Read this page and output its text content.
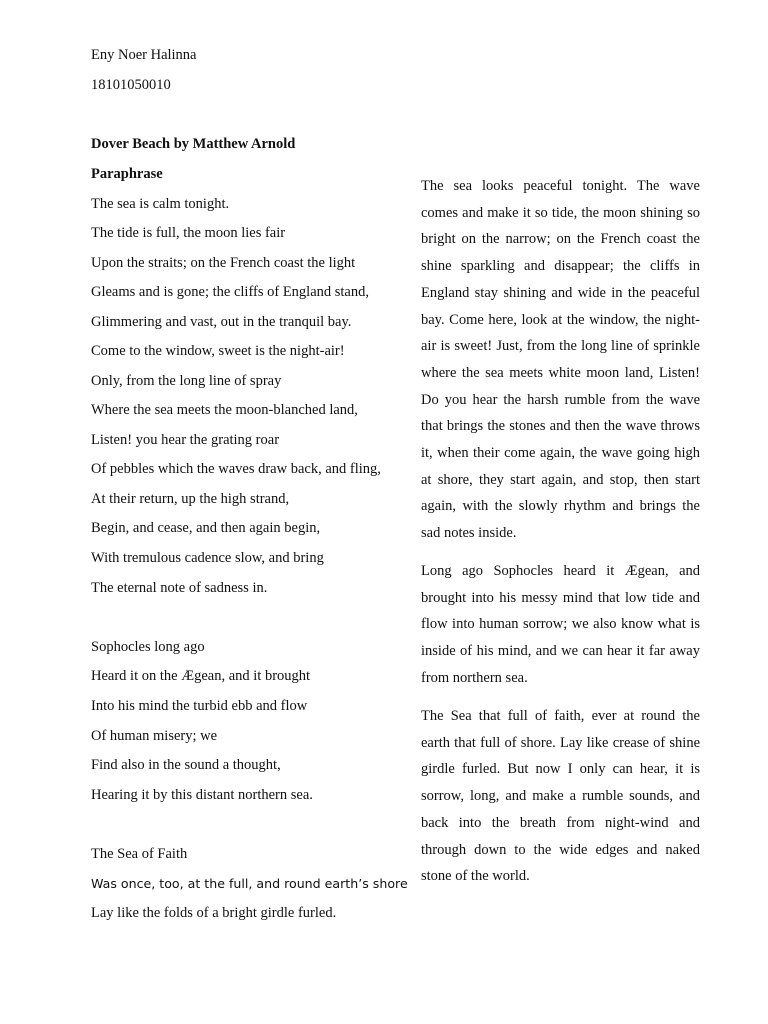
Eny Noer Halinna
18101050010
Dover Beach by Matthew Arnold
Paraphrase
The sea is calm tonight.
The tide is full, the moon lies fair
Upon the straits; on the French coast the light
Gleams and is gone; the cliffs of England stand,
Glimmering and vast, out in the tranquil bay.
Come to the window, sweet is the night-air!
Only, from the long line of spray
Where the sea meets the moon-blanched land,
Listen! you hear the grating roar
Of pebbles which the waves draw back, and fling,
At their return, up the high strand,
Begin, and cease, and then again begin,
With tremulous cadence slow, and bring
The eternal note of sadness in.
Sophocles long ago
Heard it on the Ægean, and it brought
Into his mind the turbid ebb and flow
Of human misery; we
Find also in the sound a thought,
Hearing it by this distant northern sea.
The Sea of Faith
Was once, too, at the full, and round earth’s shore
Lay like the folds of a bright girdle furled.

The sea looks peaceful tonight. The wave comes and make it so tide, the moon shining so bright on the narrow; on the French coast the shine sparkling and disappear; the cliffs in England stay shining and wide in the peaceful bay. Come here, look at the window, the night-air is sweet! Just, from the long line of sprinkle where the sea meets white moon land, Listen! Do you hear the harsh rumble from the wave that brings the stones and then the wave throws it, when their come again, the wave going high at shore, they start again, and stop, then start again, with the slowly rhythm and brings the sad notes inside.

Long ago Sophocles heard it Ægean, and brought into his messy mind that low tide and flow into human sorrow; we also know what is inside of his mind, and we can hear it far away from northern sea.

The Sea that full of faith, ever at round the earth that full of shore. Lay like crease of shine girdle furled. But now I only can hear, it is sorrow, long, and make a rumble sounds, and back into the breath from night-wind and through down to the wide edges and naked stone of the world.
